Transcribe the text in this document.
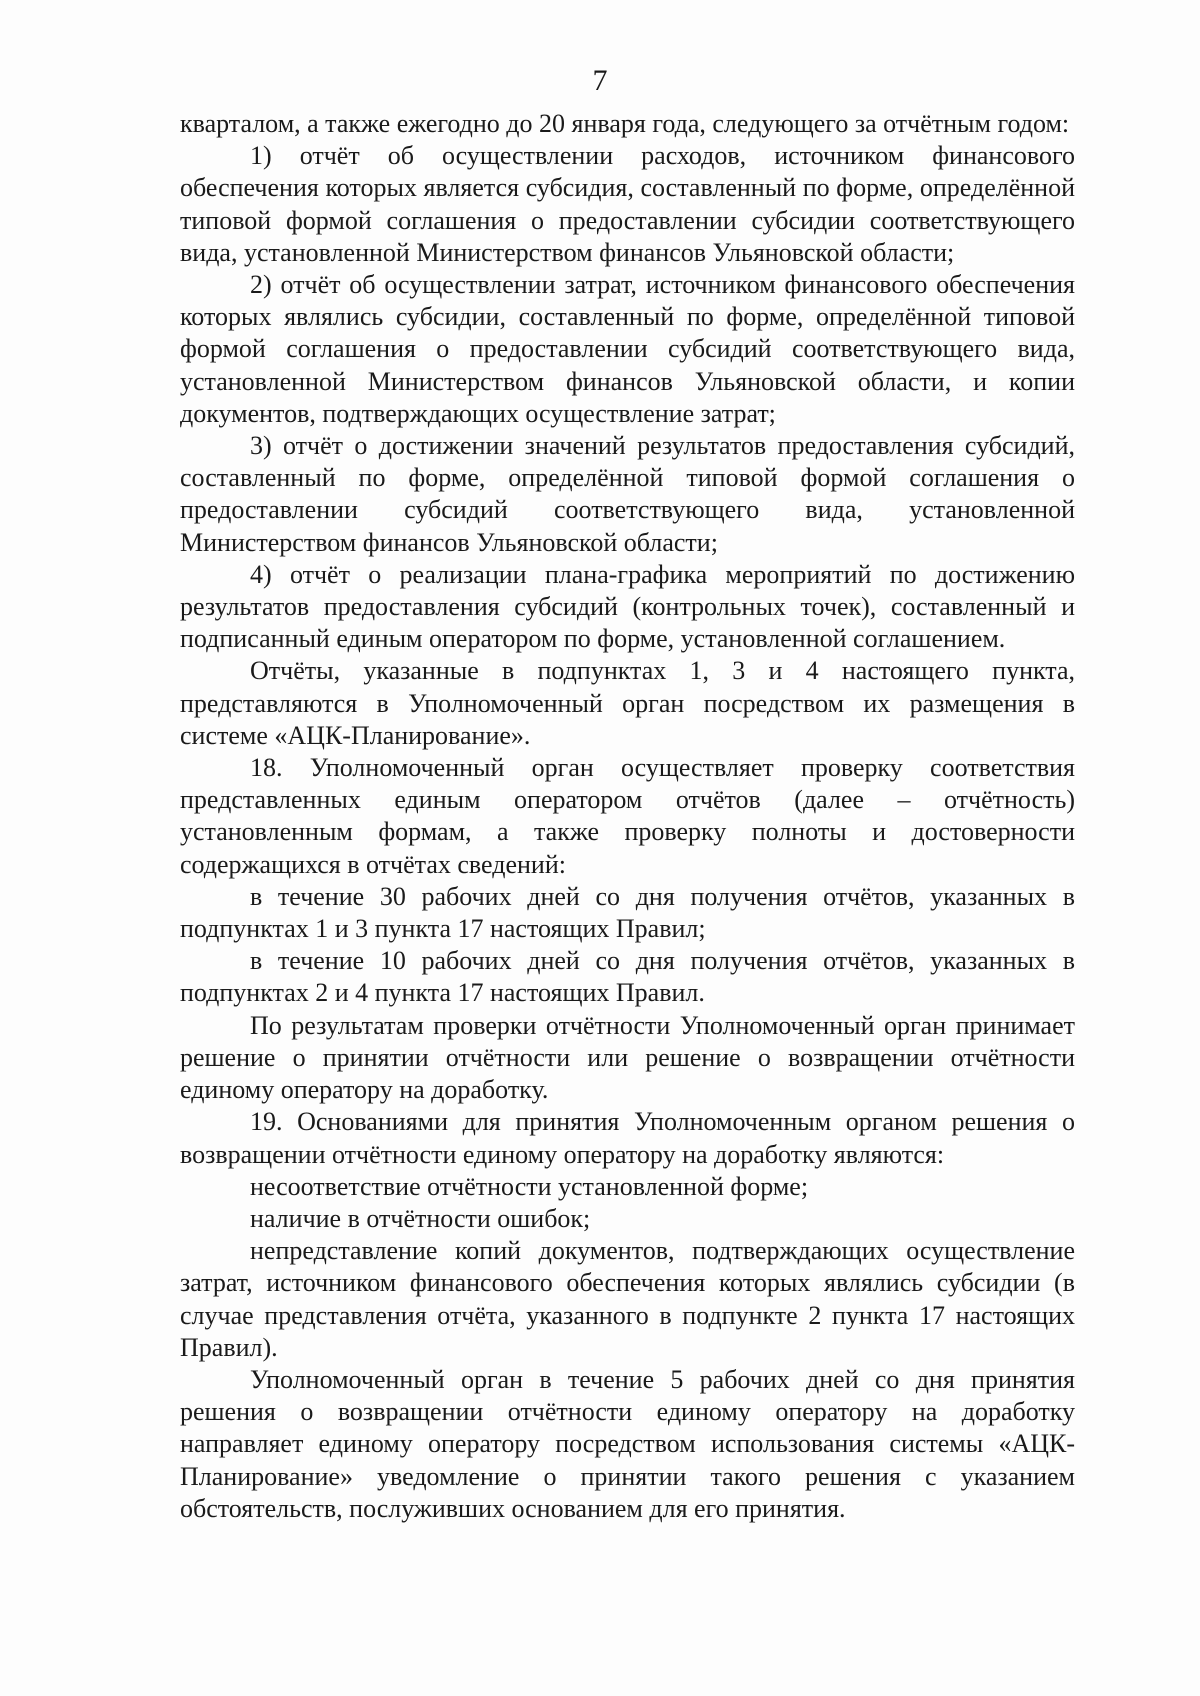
7

кварталом, а также ежегодно до 20 января года, следующего за отчётным годом:

1) отчёт об осуществлении расходов, источником финансового обеспечения которых является субсидия, составленный по форме, определённой типовой формой соглашения о предоставлении субсидии соответствующего вида, установленной Министерством финансов Ульяновской области;

2) отчёт об осуществлении затрат, источником финансового обеспечения которых являлись субсидии, составленный по форме, определённой типовой формой соглашения о предоставлении субсидий соответствующего вида, установленной Министерством финансов Ульяновской области, и копии документов, подтверждающих осуществление затрат;

3) отчёт о достижении значений результатов предоставления субсидий, составленный по форме, определённой типовой формой соглашения о предоставлении субсидий соответствующего вида, установленной Министерством финансов Ульяновской области;

4) отчёт о реализации плана-графика мероприятий по достижению результатов предоставления субсидий (контрольных точек), составленный и подписанный единым оператором по форме, установленной соглашением.

Отчёты, указанные в подпунктах 1, 3 и 4 настоящего пункта, представляются в Уполномоченный орган посредством их размещения в системе «АЦК-Планирование».

18. Уполномоченный орган осуществляет проверку соответствия представленных единым оператором отчётов (далее – отчётность) установленным формам, а также проверку полноты и достоверности содержащихся в отчётах сведений:

в течение 30 рабочих дней со дня получения отчётов, указанных в подпунктах 1 и 3 пункта 17 настоящих Правил;

в течение 10 рабочих дней со дня получения отчётов, указанных в подпунктах 2 и 4 пункта 17 настоящих Правил.

По результатам проверки отчётности Уполномоченный орган принимает решение о принятии отчётности или решение о возвращении отчётности единому оператору на доработку.

19. Основаниями для принятия Уполномоченным органом решения о возвращении отчётности единому оператору на доработку являются:

несоответствие отчётности установленной форме;

наличие в отчётности ошибок;

непредставление копий документов, подтверждающих осуществление затрат, источником финансового обеспечения которых являлись субсидии (в случае представления отчёта, указанного в подпункте 2 пункта 17 настоящих Правил).

Уполномоченный орган в течение 5 рабочих дней со дня принятия решения о возвращении отчётности единому оператору на доработку направляет единому оператору посредством использования системы «АЦК-Планирование» уведомление о принятии такого решения с указанием обстоятельств, послуживших основанием для его принятия.
